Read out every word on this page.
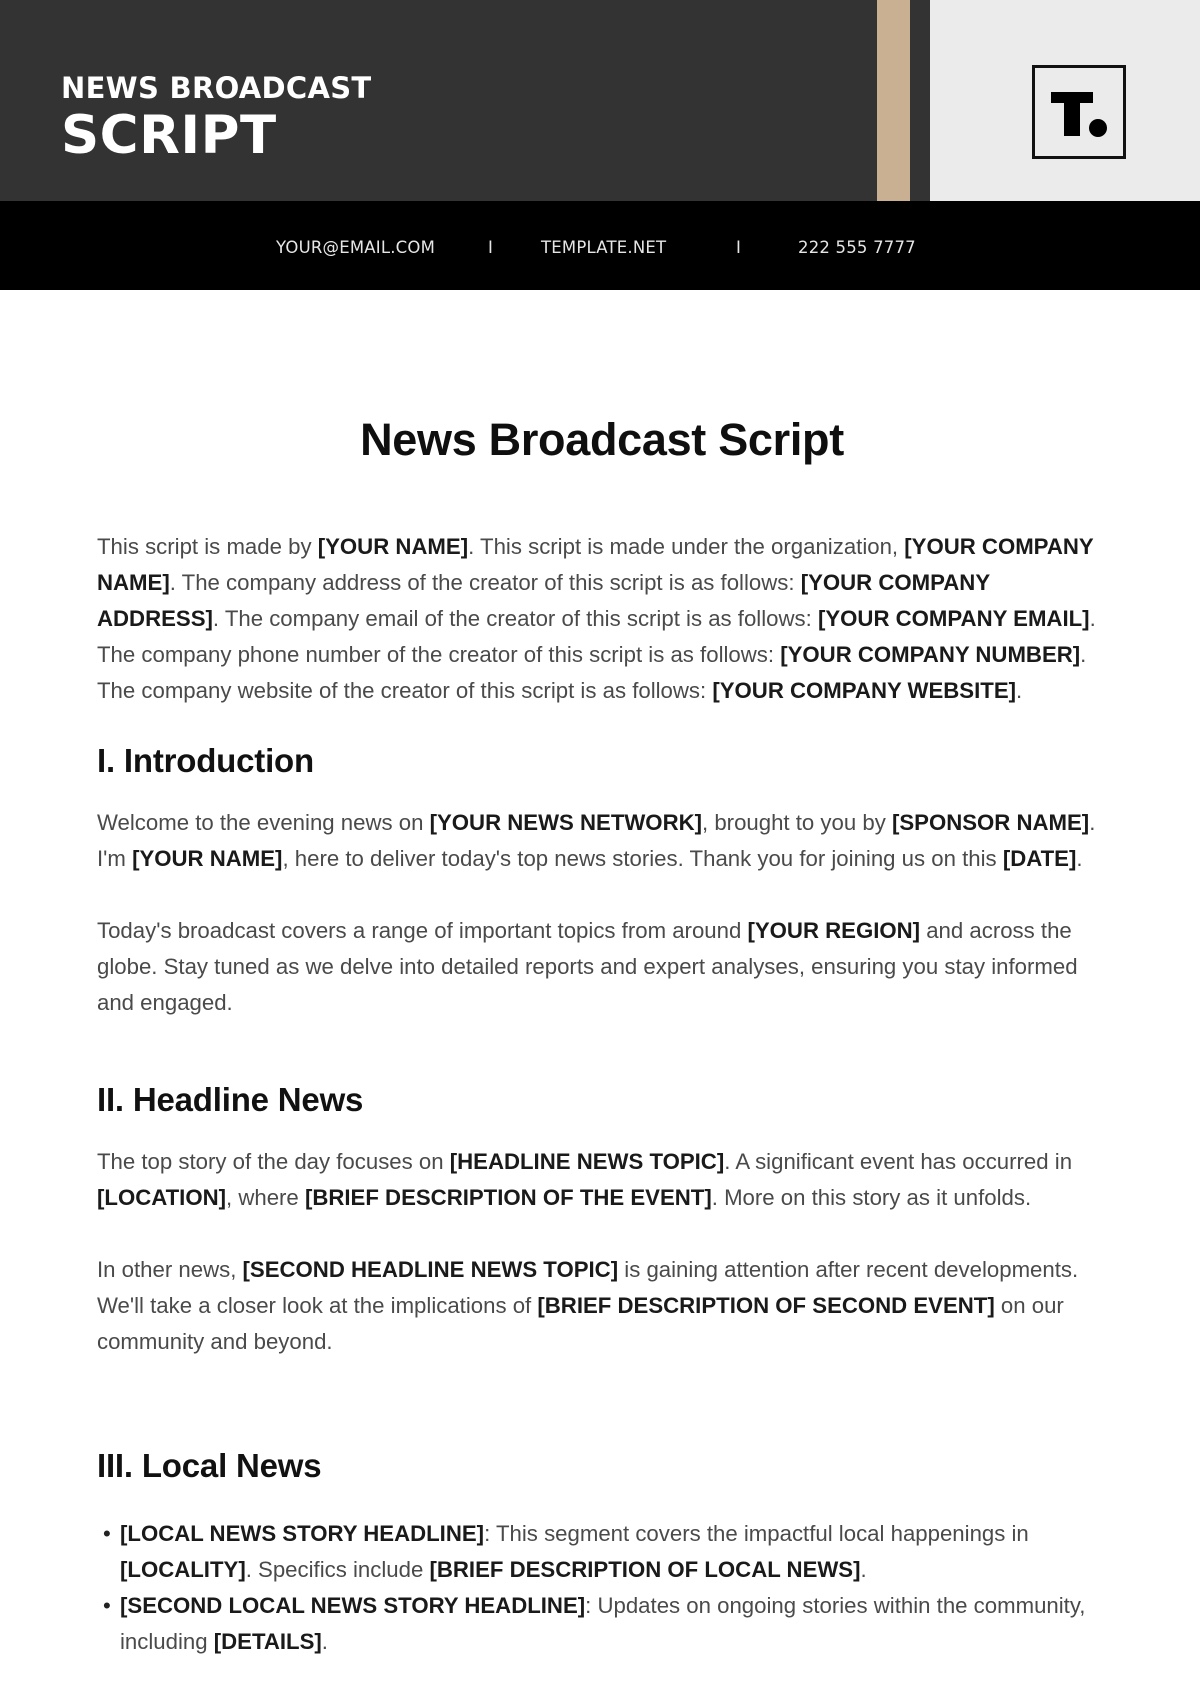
NEWS BROADCAST
SCRIPT
YOUR@EMAIL.COM	I	TEMPLATE.NET	I	222 555 7777
News Broadcast Script

This script is made by [YOUR NAME]. This script is made under the organization, [YOUR COMPANY NAME]. The company address of the creator of this script is as follows: [YOUR COMPANY ADDRESS]. The company email of the creator of this script is as follows: [YOUR COMPANY EMAIL]. The company phone number of the creator of this script is as follows: [YOUR COMPANY NUMBER]. The company website of the creator of this script is as follows: [YOUR COMPANY WEBSITE].

I. Introduction

Welcome to the evening news on [YOUR NEWS NETWORK], brought to you by [SPONSOR NAME]. I'm [YOUR NAME], here to deliver today's top news stories. Thank you for joining us on this [DATE].

Today's broadcast covers a range of important topics from around [YOUR REGION] and across the globe. Stay tuned as we delve into detailed reports and expert analyses, ensuring you stay informed and engaged.

II. Headline News

The top story of the day focuses on [HEADLINE NEWS TOPIC]. A significant event has occurred in [LOCATION], where [BRIEF DESCRIPTION OF THE EVENT]. More on this story as it unfolds.

In other news, [SECOND HEADLINE NEWS TOPIC] is gaining attention after recent developments. We'll take a closer look at the implications of [BRIEF DESCRIPTION OF SECOND EVENT] on our community and beyond.

III. Local News
• [LOCAL NEWS STORY HEADLINE]: This segment covers the impactful local happenings in [LOCALITY]. Specifics include [BRIEF DESCRIPTION OF LOCAL NEWS].
• [SECOND LOCAL NEWS STORY HEADLINE]: Updates on ongoing stories within the community, including [DETAILS].
